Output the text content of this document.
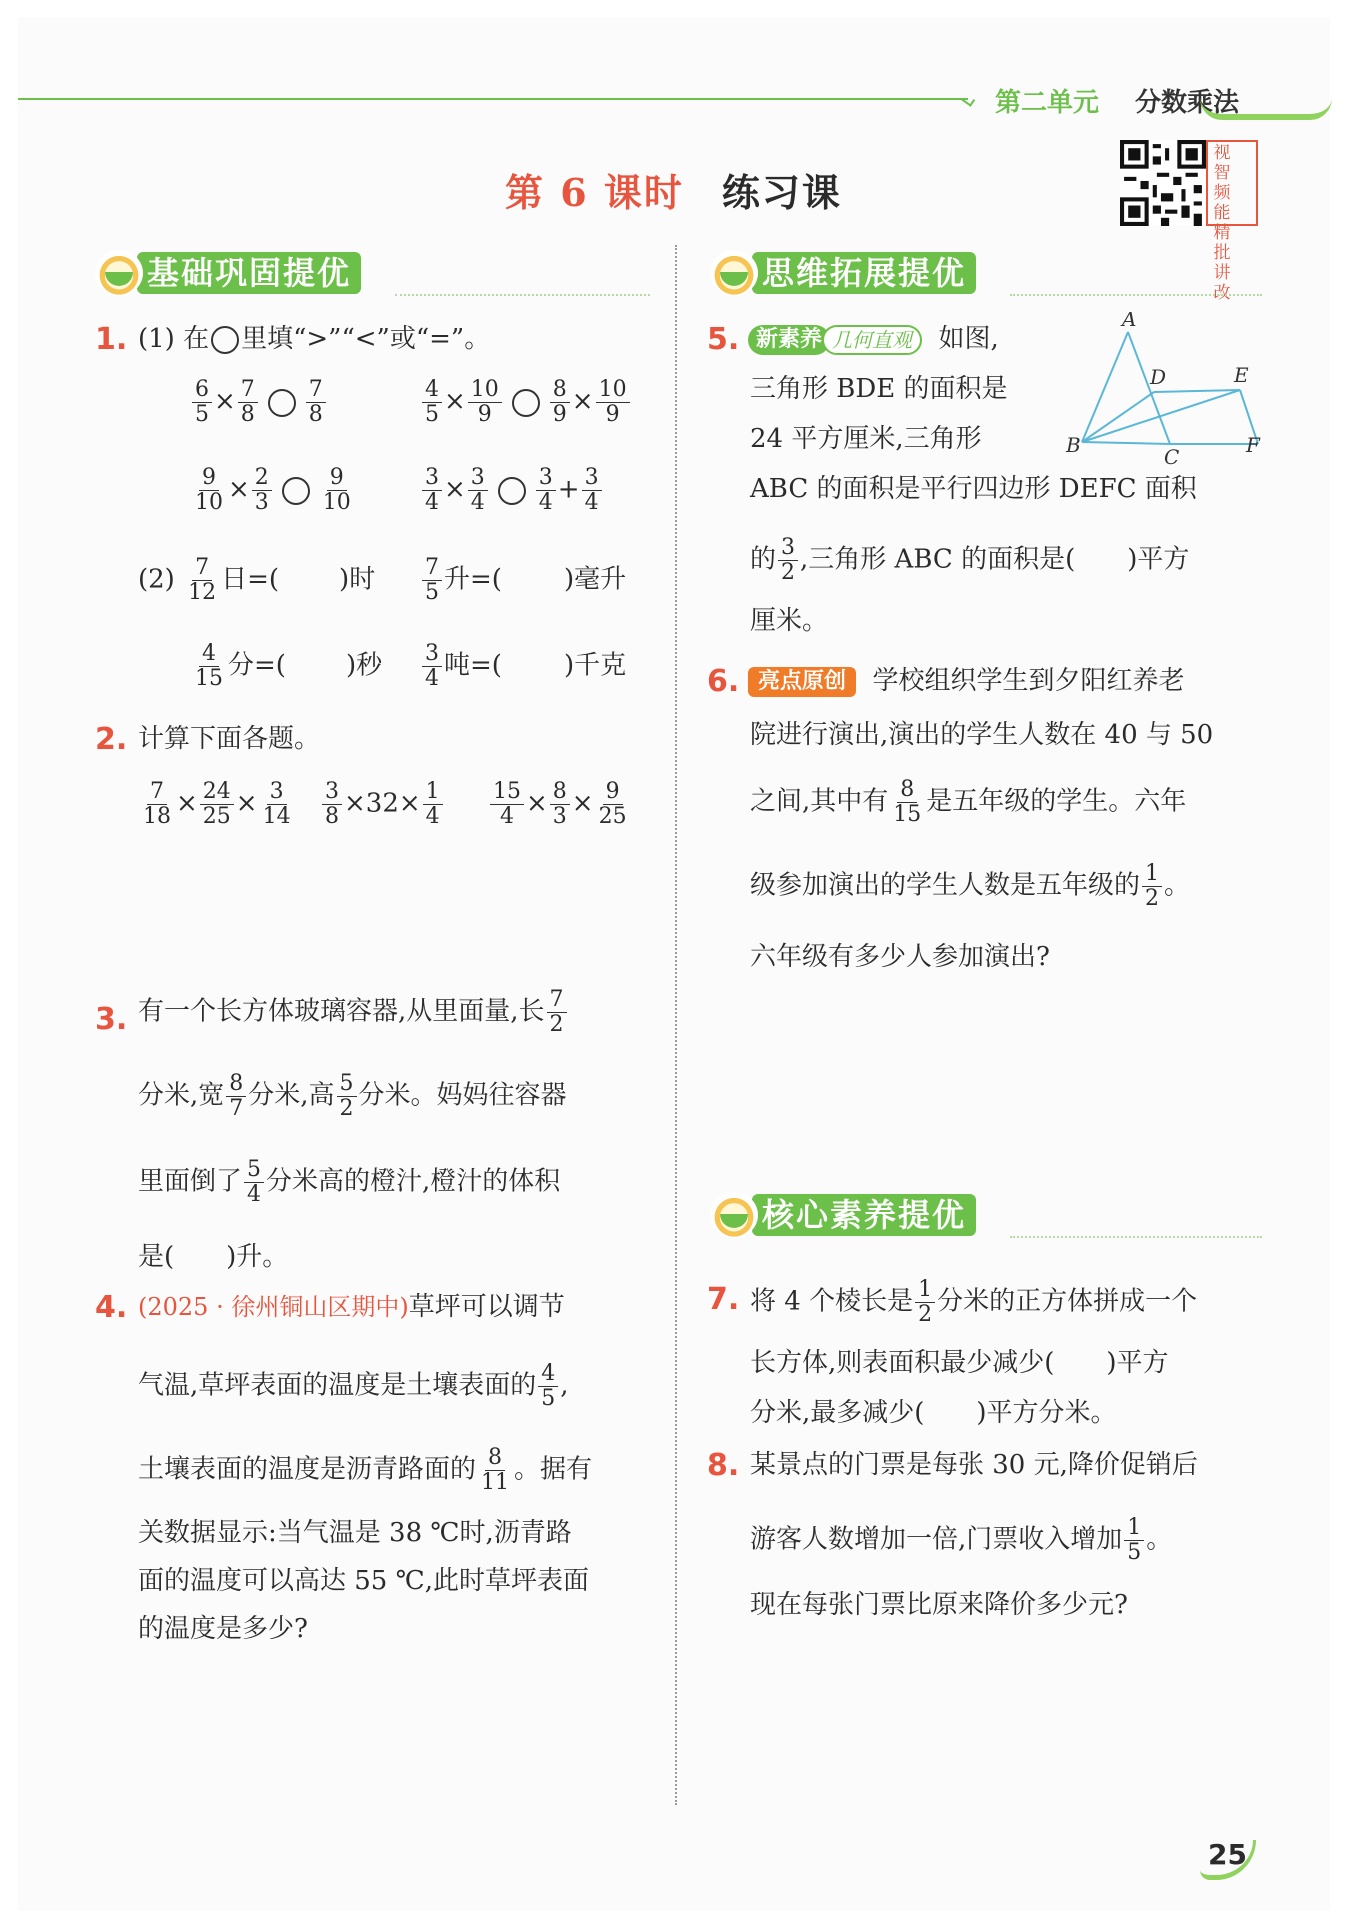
第二单元 分数乘法
第 6 课时 练习课
视
智
频
能
精
批
讲
改
基础巩固提优	思维拓展提优
核心素养提优
1. (1) 在 里填“>”“<”或“=”。
$\frac{6}{5} \times \frac{7}{8} \frac{7}{8}$	$\frac{4}{5} \times \frac{10}{9} \frac{8}{9} \times \frac{10}{9}$
$\frac{9}{10} \times \frac{2}{3} \frac{9}{10}$	$\frac{3}{4} \times \frac{3}{4} \frac{3}{4} + \frac{3}{4}$
$(2) \frac{7}{12}$ 日=( )时 $\frac{7}{5}$ 升=( )毫升
$\frac{4}{15}$ 分=( )秒 $\frac{3}{4}$ 吨=( )千克
2. 计算下面各题。
$\frac{7}{18} \times \frac{24}{25} \times \frac{3}{14} \frac{3}{8} \times 32\times \frac{1}{4} \frac{15}{4} \times \frac{8}{3} \times \frac{9}{25}$
3. 有一个长方体玻璃容器,从里面量,长 $\frac{7}{2}$
分米,宽 $\frac{8}{7}$ 分米,高 $\frac{5}{2}$ 分米。妈妈往容器
里面倒了 $\frac{5}{4}$ 分米高的橙汁,橙汁的体积
是(　　)升。
4. (2025 · 徐州铜山区期中)草坪可以调节
气温,草坪表面的温度是土壤表面的 $\frac{4}{5}$ ,
土壤表面的温度是沥青路面的 $\frac{8}{11}$ 。据有
关数据显示:当气温是 38 ℃时,沥青路
面的温度可以高达 55 ℃,此时草坪表面
的温度是多少?
5. 新素养 几何直观 如图,
三角形 BDE 的面积是
24 平方厘米,三角形
ABC 的面积是平行四边形 DEFC 面积
的 $\frac{3}{2}$ ,三角形 ABC 的面积是(　　)平方
厘米。
A
B	C
D	E
F
6. 亮点原创 学校组织学生到夕阳红养老
院进行演出,演出的学生人数在 40 与 50
之间,其中有 $\frac{8}{15}$ 是五年级的学生。六年
级参加演出的学生人数是五年级的 $\frac{1}{2}$ 。
六年级有多少人参加演出?
7. 将 4 个棱长是 $\frac{1}{2}$ 分米的正方体拼成一个
长方体,则表面积最少减少(　　)平方
分米,最多减少(　　)平方分米。
8. 某景点的门票是每张 30 元,降价促销后
游客人数增加一倍,门票收入增加 $\frac{1}{5}$ 。
现在每张门票比原来降价多少元?
25
